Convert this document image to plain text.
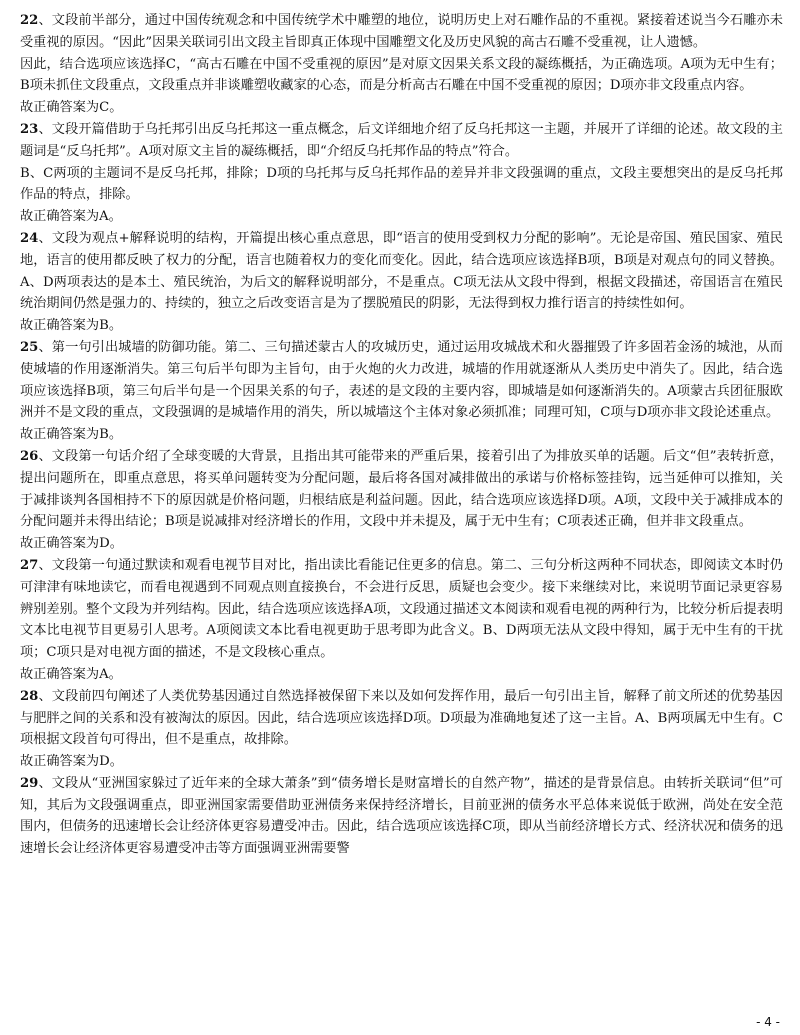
22、文段前半部分，通过中国传统观念和中国传统学术中雕塑的地位，说明历史上对石雕作品的不重视。紧接着述说当今石雕亦未受重视的原因。“因此”因果关联词引出文段主旨即真正体现中国雕塑文化及历史风貌的高古石雕不受重视，让人遗憾。

因此，结合选项应该选择C，“高古石雕在中国不受重视的原因”是对原文因果关系文段的凝练概括，为正确选项。A项为无中生有；B项未抓住文段重点，文段重点并非谈雕塑收藏家的心态，而是分析高古石雕在中国不受重视的原因；D项亦非文段重点内容。

故正确答案为C。

23、文段开篇借助于乌托邦引出反乌托邦这一重点概念，后文详细地介绍了反乌托邦这一主题，并展开了详细的论述。故文段的主题词是“反乌托邦”。A项对原文主旨的凝练概括，即“介绍反乌托邦作品的特点”符合。

B、C两项的主题词不是反乌托邦，排除；D项的乌托邦与反乌托邦作品的差异并非文段强调的重点，文段主要想突出的是反乌托邦作品的特点，排除。

故正确答案为A。

24、文段为观点+解释说明的结构，开篇提出核心重点意思，即“语言的使用受到权力分配的影响”。无论是帝国、殖民国家、殖民地，语言的使用都反映了权力的分配，语言也随着权力的变化而变化。因此，结合选项应该选择B项，B项是对观点句的同义替换。A、D两项表达的是本土、殖民统治，为后文的解释说明部分，不是重点。C项无法从文段中得到，根据文段描述，帝国语言在殖民统治期间仍然是强力的、持续的，独立之后改变语言是为了摆脱殖民的阴影，无法得到权力推行语言的持续性如何。

故正确答案为B。

25、第一句引出城墙的防御功能。第二、三句描述蒙古人的攻城历史，通过运用攻城战术和火器摧毁了许多固若金汤的城池，从而使城墙的作用逐渐消失。第三句后半句即为主旨句，由于火炮的火力改进，城墙的作用就逐渐从人类历史中消失了。因此，结合选项应该选择B项，第三句后半句是一个因果关系的句子，表述的是文段的主要内容，即城墙是如何逐渐消失的。A项蒙古兵团征服欧洲并不是文段的重点，文段强调的是城墙作用的消失，所以城墙这个主体对象必须抓准；同理可知，C项与D项亦非文段论述重点。

故正确答案为B。

26、文段第一句话介绍了全球变暖的大背景，且指出其可能带来的严重后果，接着引出了为排放买单的话题。后文“但”表转折意，提出问题所在，即重点意思，将买单问题转变为分配问题，最后将各国对减排做出的承诺与价格标签挂钩，远当延伸可以推知，关于减排谈判各国相持不下的原因就是价格问题，归根结底是利益问题。因此，结合选项应该选择D项。A项，文段中关于减排成本的分配问题并未得出结论；B项是说减排对经济增长的作用，文段中并未提及，属于无中生有；C项表述正确，但并非文段重点。

故正确答案为D。

27、文段第一句通过默读和观看电视节目对比，指出读比看能记住更多的信息。第二、三句分析这两种不同状态，即阅读文本时仍可津津有味地读它，而看电视遇到不同观点则直接换台，不会进行反思，质疑也会变少。接下来继续对比，来说明节面记录更容易辨别差别。整个文段为并列结构。因此，结合选项应该选择A项，文段通过描述文本阅读和观看电视的两种行为，比较分析后提表明文本比电视节目更易引人思考。A项阅读文本比看电视更助于思考即为此含义。B、D两项无法从文段中得知，属于无中生有的干扰项；C项只是对电视方面的描述，不是文段核心重点。

故正确答案为A。

28、文段前四句阐述了人类优势基因通过自然选择被保留下来以及如何发挥作用，最后一句引出主旨，解释了前文所述的优势基因与肥胖之间的关系和没有被淘汰的原因。因此，结合选项应该选择D项。D项最为准确地复述了这一主旨。A、B两项属无中生有。C项根据文段首句可得出，但不是重点，故排除。

故正确答案为D。

29、文段从“亚洲国家躲过了近年来的全球大萧条”到“债务增长是财富增长的自然产物”，描述的是背景信息。由转折关联词“但”可知，其后为文段强调重点，即亚洲国家需要借助亚洲债务来保持经济增长，目前亚洲的债务水平总体来说低于欧洲，尚处在安全范围内，但债务的迅速增长会让经济体更容易遭受冲击。因此，结合选项应该选择C项，即从当前经济增长方式、经济状况和债务的迅速增长会让经济体更容易遭受冲击等方面强调亚洲需要警

- 4 -
